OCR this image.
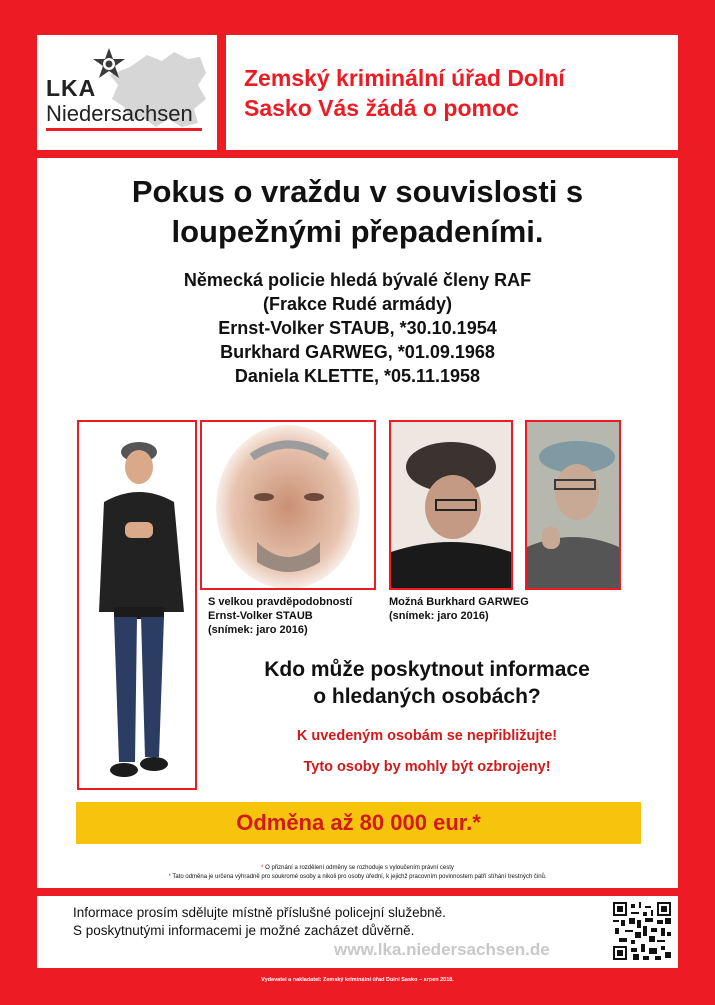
LKA
Niedersachsen
Zemský kriminální úřad Dolní
Sasko Vás žádá o pomoc
Pokus o vraždu v souvislosti s
loupežnými přepadeními.
Německá policie hledá bývalé členy RAF
(Frakce Rudé armády)
Ernst-Volker STAUB, *30.10.1954
Burkhard GARWEG, *01.09.1968
Daniela KLETTE, *05.11.1958
S velkou pravděpodobností
Ernst-Volker STAUB
(snímek: jaro 2016)
Možná Burkhard GARWEG
(snímek: jaro 2016)
Kdo může poskytnout informace
o hledaných osobách?
K uvedeným osobám se nepřibližujte!
Tyto osoby by mohly být ozbrojeny!
Odměna až 80 000 eur.*
* O přiznání a rozdělení odměny se rozhoduje s vyloučením právní cesty
* Tato odměna je určena výhradně pro soukromé osoby a nikoli pro osoby úřední, k jejichž pracovním povinnostem patří stíhání trestných činů.
Informace prosím sdělujte místně příslušné policejní služebně.
S poskytnutými informacemi je možné zacházet důvěrně.
www.lka.niedersachsen.de
Vydavatel a nakladatel: Zemský kriminální úřad Dolní Sasko – srpen 2018.
